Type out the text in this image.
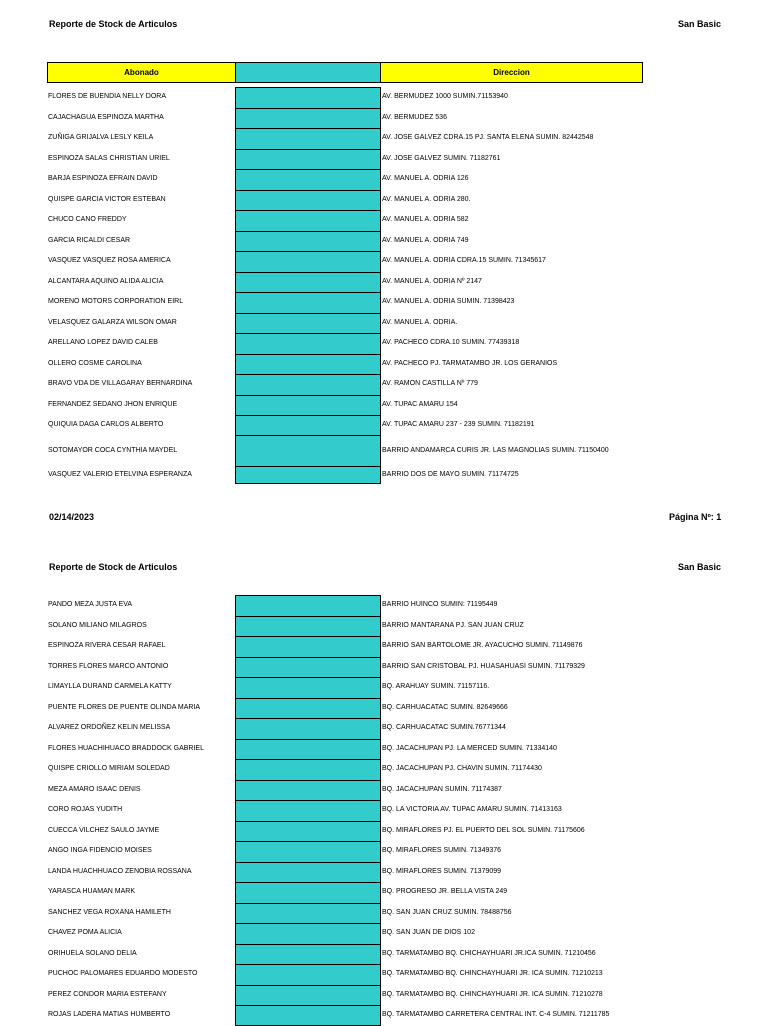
Reporte de Stock de Articulos	San Basic
Abonado	Direccion
FLORES DE BUENDIA NELLY DORA	AV. BERMUDEZ 1000 SUMIN.71153940
CAJACHAGUA ESPINOZA MARTHA	AV. BERMUDEZ 536
ZUÑIGA GRIJALVA LESLY KEILA	AV. JOSE GALVEZ CDRA.15 PJ. SANTA ELENA SUMIN. 82442548
ESPINOZA SALAS CHRISTIAN URIEL	AV. JOSE GALVEZ SUMIN. 71182761
BARJA ESPINOZA EFRAIN DAVID	AV. MANUEL A. ODRIA 126
QUISPE GARCIA VICTOR ESTEBAN	AV. MANUEL A. ODRIA 280.
CHUCO CANO FREDDY	AV. MANUEL A. ODRIA 582
GARCIA RICALDI CESAR	AV. MANUEL A. ODRIA 749
VASQUEZ VASQUEZ ROSA AMERICA	AV. MANUEL A. ODRIA CDRA.15 SUMIN. 71345617
ALCANTARA AQUINO ALIDA ALICIA	AV. MANUEL A. ODRIA Nº 2147
MORENO MOTORS CORPORATION EIRL	AV. MANUEL A. ODRIA SUMIN. 71398423
VELASQUEZ GALARZA WILSON OMAR	AV. MANUEL A. ODRIA.
ARELLANO LOPEZ DAVID CALEB	AV. PACHECO CDRA.10 SUMIN. 77439318
OLLERO COSME CAROLINA	AV. PACHECO PJ. TARMATAMBO JR. LOS GERANIOS
BRAVO VDA DE VILLAGARAY BERNARDINA	AV. RAMON CASTILLA Nº 779
FERNANDEZ SEDANO JHON ENRIQUE	AV. TUPAC AMARU 154
QUIQUIA DAGA CARLOS ALBERTO	AV. TUPAC AMARU 237 - 239 SUMIN. 71182191
SOTOMAYOR COCA CYNTHIA MAYDEL	BARRIO ANDAMARCA CURIS JR. LAS MAGNOLIAS SUMIN. 71150400
VASQUEZ VALERIO ETELVINA ESPERANZA	BARRIO DOS DE MAYO SUMIN. 71174725
02/14/2023	Página Nº: 1
Reporte de Stock de Articulos	San Basic
PANDO MEZA JUSTA EVA	BARRIO HUINCO SUMIN: 71195449
SOLANO MILIANO MILAGROS	BARRIO MANTARANA PJ. SAN JUAN CRUZ
ESPINOZA RIVERA CESAR RAFAEL	BARRIO SAN BARTOLOME JR. AYACUCHO SUMIN. 71149876
TORRES FLORES MARCO ANTONIO	BARRIO SAN CRISTOBAL PJ. HUASAHUASI SUMIN. 71179329
LIMAYLLA DURAND CARMELA KATTY	BQ. ARAHUAY SUMIN. 71157116.
PUENTE FLORES DE PUENTE OLINDA MARIA	BQ. CARHUACATAC SUMIN. 82649666
ALVAREZ ORDOÑEZ KELIN MELISSA	BQ. CARHUACATAC SUMIN.76771344
FLORES HUACHIHUACO BRADDOCK GABRIEL	BQ. JACACHUPAN PJ. LA MERCED SUMIN. 71334140
QUISPE CRIOLLO MIRIAM SOLEDAD	BQ. JACACHUPAN PJ. CHAVIN SUMIN. 71174430
MEZA AMARO ISAAC DENIS	BQ. JACACHUPAN SUMIN. 71174387
CORO ROJAS YUDITH	BQ. LA VICTORIA AV. TUPAC AMARU SUMIN. 71413163
CUECCA VILCHEZ SAULO JAYME	BQ. MIRAFLORES PJ. EL PUERTO DEL SOL SUMIN. 71175606
ANGO INGA FIDENCIO MOISES	BQ. MIRAFLORES SUMIN. 71349376
LANDA HUACHHUACO ZENOBIA ROSSANA	BQ. MIRAFLORES SUMIN. 71379099
YARASCA HUAMAN MARK	BQ. PROGRESO JR. BELLA VISTA 249
SANCHEZ VEGA ROXANA HAMILETH	BQ. SAN JUAN CRUZ SUMIN. 78488756
CHAVEZ POMA ALICIA	BQ. SAN JUAN DE DIOS 102
ORIHUELA SOLANO DELIA	BQ. TARMATAMBO BQ. CHICHAYHUARI JR.ICA SUMIN. 71210456
PUCHOC PALOMARES EDUARDO MODESTO	BQ. TARMATAMBO BQ. CHINCHAYHUARI JR. ICA SUMIN. 71210213
PEREZ CONDOR MARIA ESTEFANY	BQ. TARMATAMBO BQ. CHINCHAYHUARI JR. ICA SUMIN. 71210278
ROJAS LADERA MATIAS HUMBERTO	BQ. TARMATAMBO CARRETERA CENTRAL INT. C-4 SUMIN. 71211785
